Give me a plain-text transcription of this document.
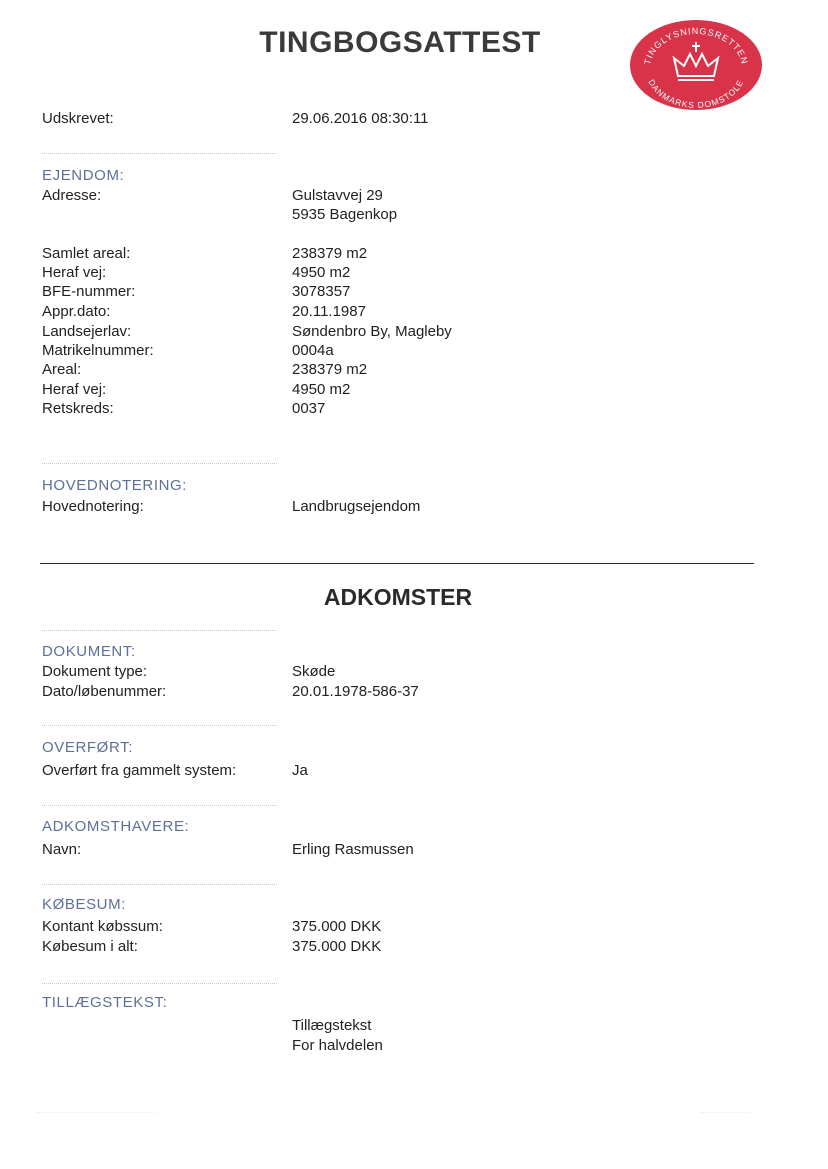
TINGBOGSATTEST
TINGLYSNINGSRETTEN
DANMARKS DOMSTOLE
Udskrevet:	29.06.2016 08:30:11
EJENDOM:
Adresse:	Gulstavvej 29
5935 Bagenkop
Samlet areal:	238379 m2
Heraf vej:	4950 m2
BFE-nummer:	3078357
Appr.dato:	20.11.1987
Landsejerlav:	Søndenbro By, Magleby
Matrikelnummer:	0004a
Areal:	238379 m2
Heraf vej:	4950 m2
Retskreds:	0037
HOVEDNOTERING:
Hovednotering:	Landbrugsejendom
ADKOMSTER
DOKUMENT:
Dokument type:	Skøde
Dato/løbenummer:	20.01.1978-586-37
OVERFØRT:
Overført fra gammelt system:	Ja
ADKOMSTHAVERE:
Navn:	Erling Rasmussen
KØBESUM:
Kontant købssum:	375.000 DKK
Købesum i alt:	375.000 DKK
TILLÆGSTEKST:
Tillægstekst
For halvdelen
